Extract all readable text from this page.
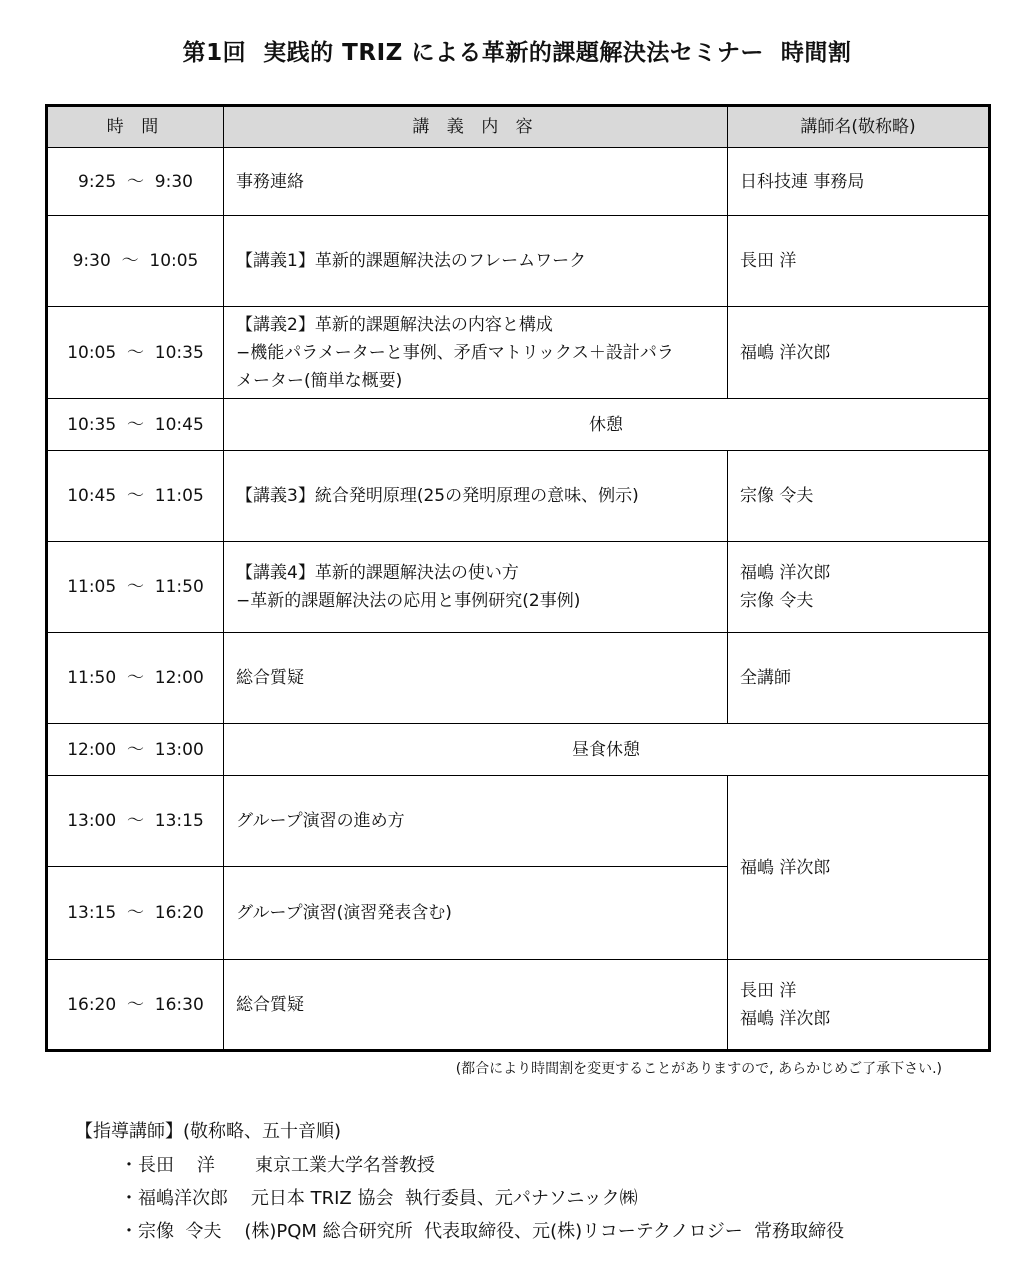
第1回  実践的 TRIZ による革新的課題解決法セミナー  時間割
時 間	講 義 内 容	講師名(敬称略)
9:25  ～  9:30	事務連絡	日科技連 事務局

9:30  ～  10:05	【講義1】革新的課題解決法のフレームワーク	長田 洋

10:05  ～  10:35	【講義2】革新的課題解決法の内容と構成
−機能パラメーターと事例、矛盾マトリックス＋設計パラ
メーター(簡単な概要)	福嶋 洋次郎

10:35  ～  10:45	休憩	
10:45  ～  11:05	【講義3】統合発明原理(25の発明原理の意味、例示)	宗像 令夫

11:05  ～  11:50	【講義4】革新的課題解決法の使い方
−革新的課題解決法の応用と事例研究(2事例)	福嶋 洋次郎
宗像 令夫

11:50  ～  12:00	総合質疑	全講師

12:00  ～  13:00	昼食休憩	
13:00  ～  13:15	グループ演習の進め方	福嶋 洋次郎

13:15  ～  16:20	グループ演習(演習発表含む)	

16:20  ～  16:30	総合質疑	長田 洋
福嶋 洋次郎
(都合により時間割を変更することがありますので, あらかじめご了承下さい.)
【指導講師】(敬称略、五十音順)
・長田    洋       東京工業大学名誉教授
・福嶋洋次郎    元日本 TRIZ 協会  執行委員、元パナソニック㈱
・宗像  令夫    (株)PQM 総合研究所  代表取締役、元(株)リコーテクノロジー  常務取締役
